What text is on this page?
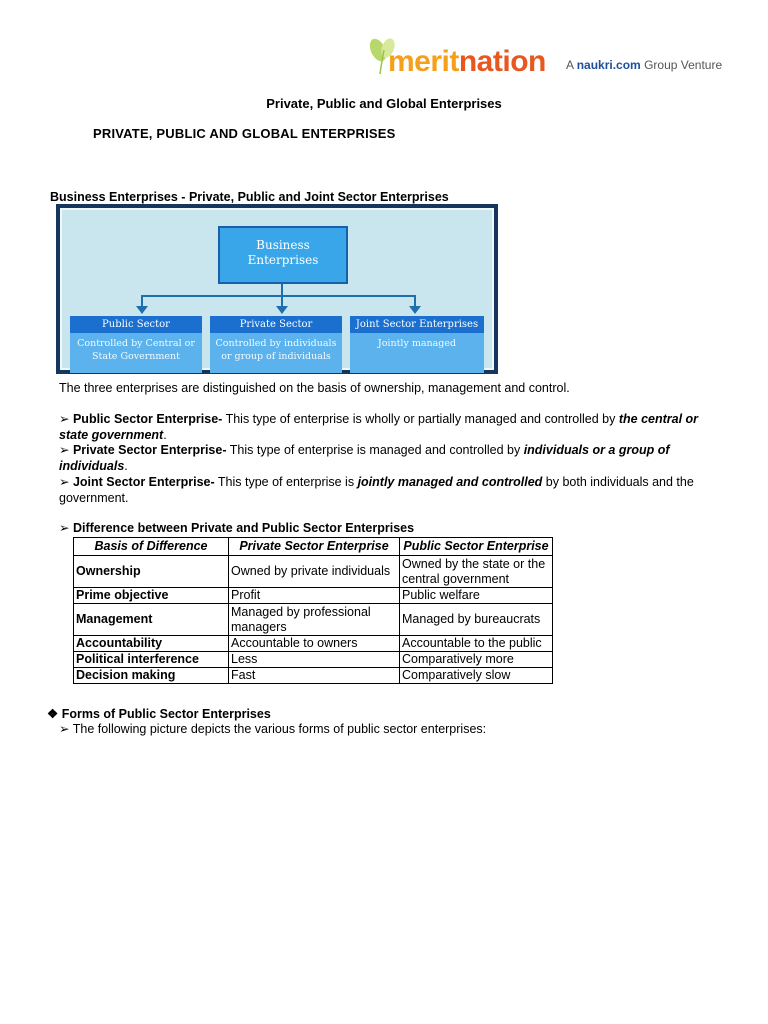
meritnation A naukri.com Group Venture
Private, Public and Global Enterprises
PRIVATE, PUBLIC AND GLOBAL ENTERPRISES
Business Enterprises - Private, Public and Joint Sector Enterprises
Business
Enterprises
Public Sector
Controlled by Central or
State Government
Private Sector
Controlled by individuals
or group of individuals
Joint Sector Enterprises
Jointly managed
The three enterprises are distinguished on the basis of ownership, management and control.
➢ Public Sector Enterprise- This type of enterprise is wholly or partially managed and controlled by the central or state government.
➢ Private Sector Enterprise- This type of enterprise is managed and controlled by individuals or a group of individuals.
➢ Joint Sector Enterprise- This type of enterprise is jointly managed and controlled by both individuals and the government.
➢ Difference between Private and Public Sector Enterprises
Basis of Difference	Private Sector Enterprise	Public Sector Enterprise
Ownership	Owned by private individuals	Owned by the state or the central government
Prime objective	Profit	Public welfare
Management	Managed by professional managers	Managed by bureaucrats
Accountability	Accountable to owners	Accountable to the public
Political interference	Less	Comparatively more
Decision making	Fast	Comparatively slow
❖ Forms of Public Sector Enterprises
➢ The following picture depicts the various forms of public sector enterprises:
